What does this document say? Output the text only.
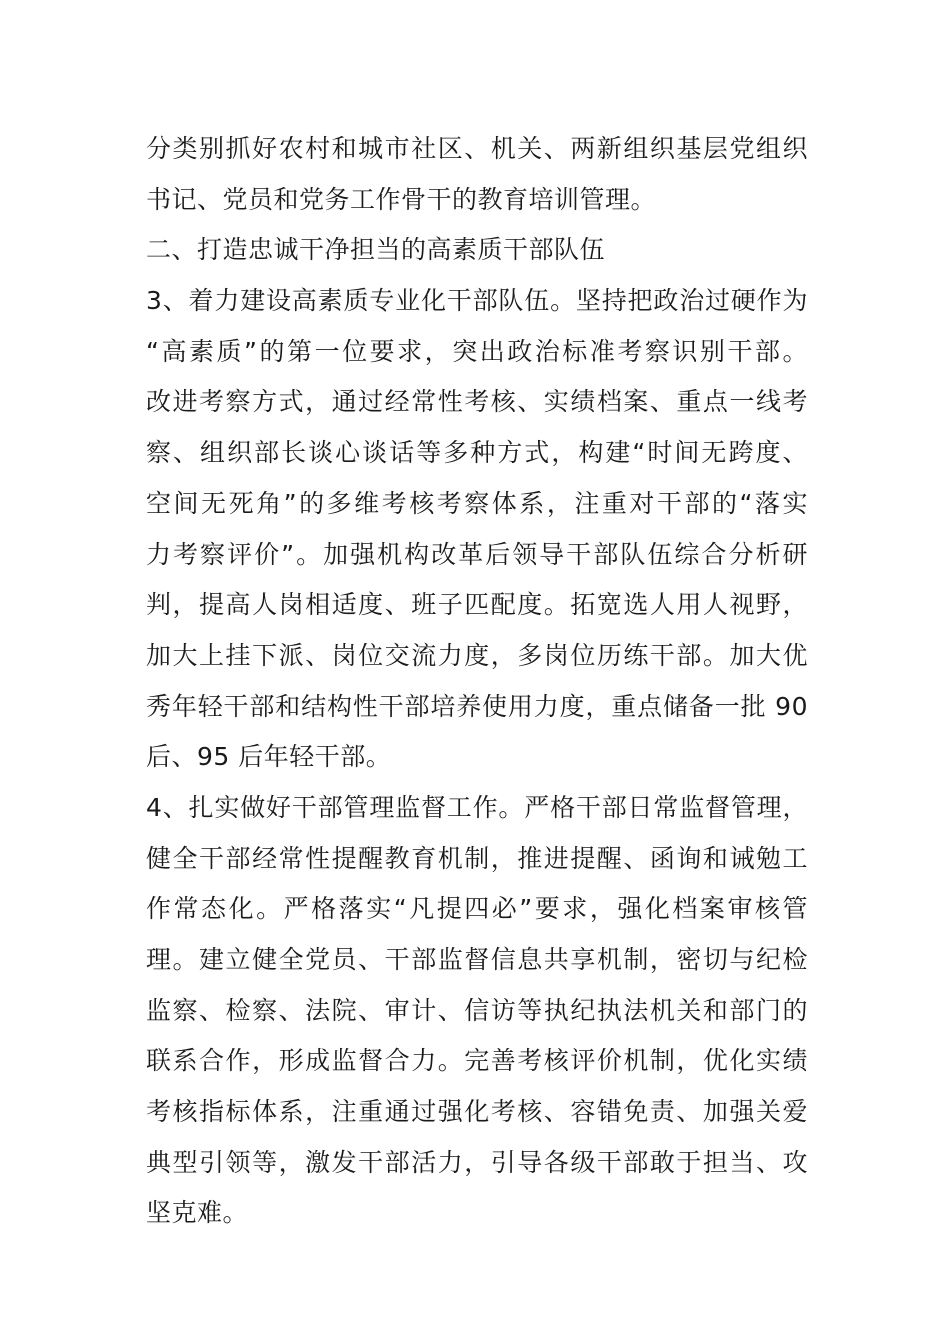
分类别抓好农村和城市社区、机关、两新组织基层党组织
书记、党员和党务工作骨干的教育培训管理。
二、打造忠诚干净担当的高素质干部队伍
3、着力建设高素质专业化干部队伍。坚持把政治过硬作为
“高素质”的第一位要求，突出政治标准考察识别干部。
改进考察方式，通过经常性考核、实绩档案、重点一线考
察、组织部长谈心谈话等多种方式，构建“时间无跨度、
空间无死角”的多维考核考察体系，注重对干部的“落实
力考察评价”。加强机构改革后领导干部队伍综合分析研
判，提高人岗相适度、班子匹配度。拓宽选人用人视野，
加大上挂下派、岗位交流力度，多岗位历练干部。加大优
秀年轻干部和结构性干部培养使用力度，重点储备一批 90
后、95 后年轻干部。
4、扎实做好干部管理监督工作。严格干部日常监督管理，
健全干部经常性提醒教育机制，推进提醒、函询和诫勉工
作常态化。严格落实“凡提四必”要求，强化档案审核管
理。建立健全党员、干部监督信息共享机制，密切与纪检
监察、检察、法院、审计、信访等执纪执法机关和部门的
联系合作，形成监督合力。完善考核评价机制，优化实绩
考核指标体系，注重通过强化考核、容错免责、加强关爱
典型引领等，激发干部活力，引导各级干部敢于担当、攻
坚克难。
